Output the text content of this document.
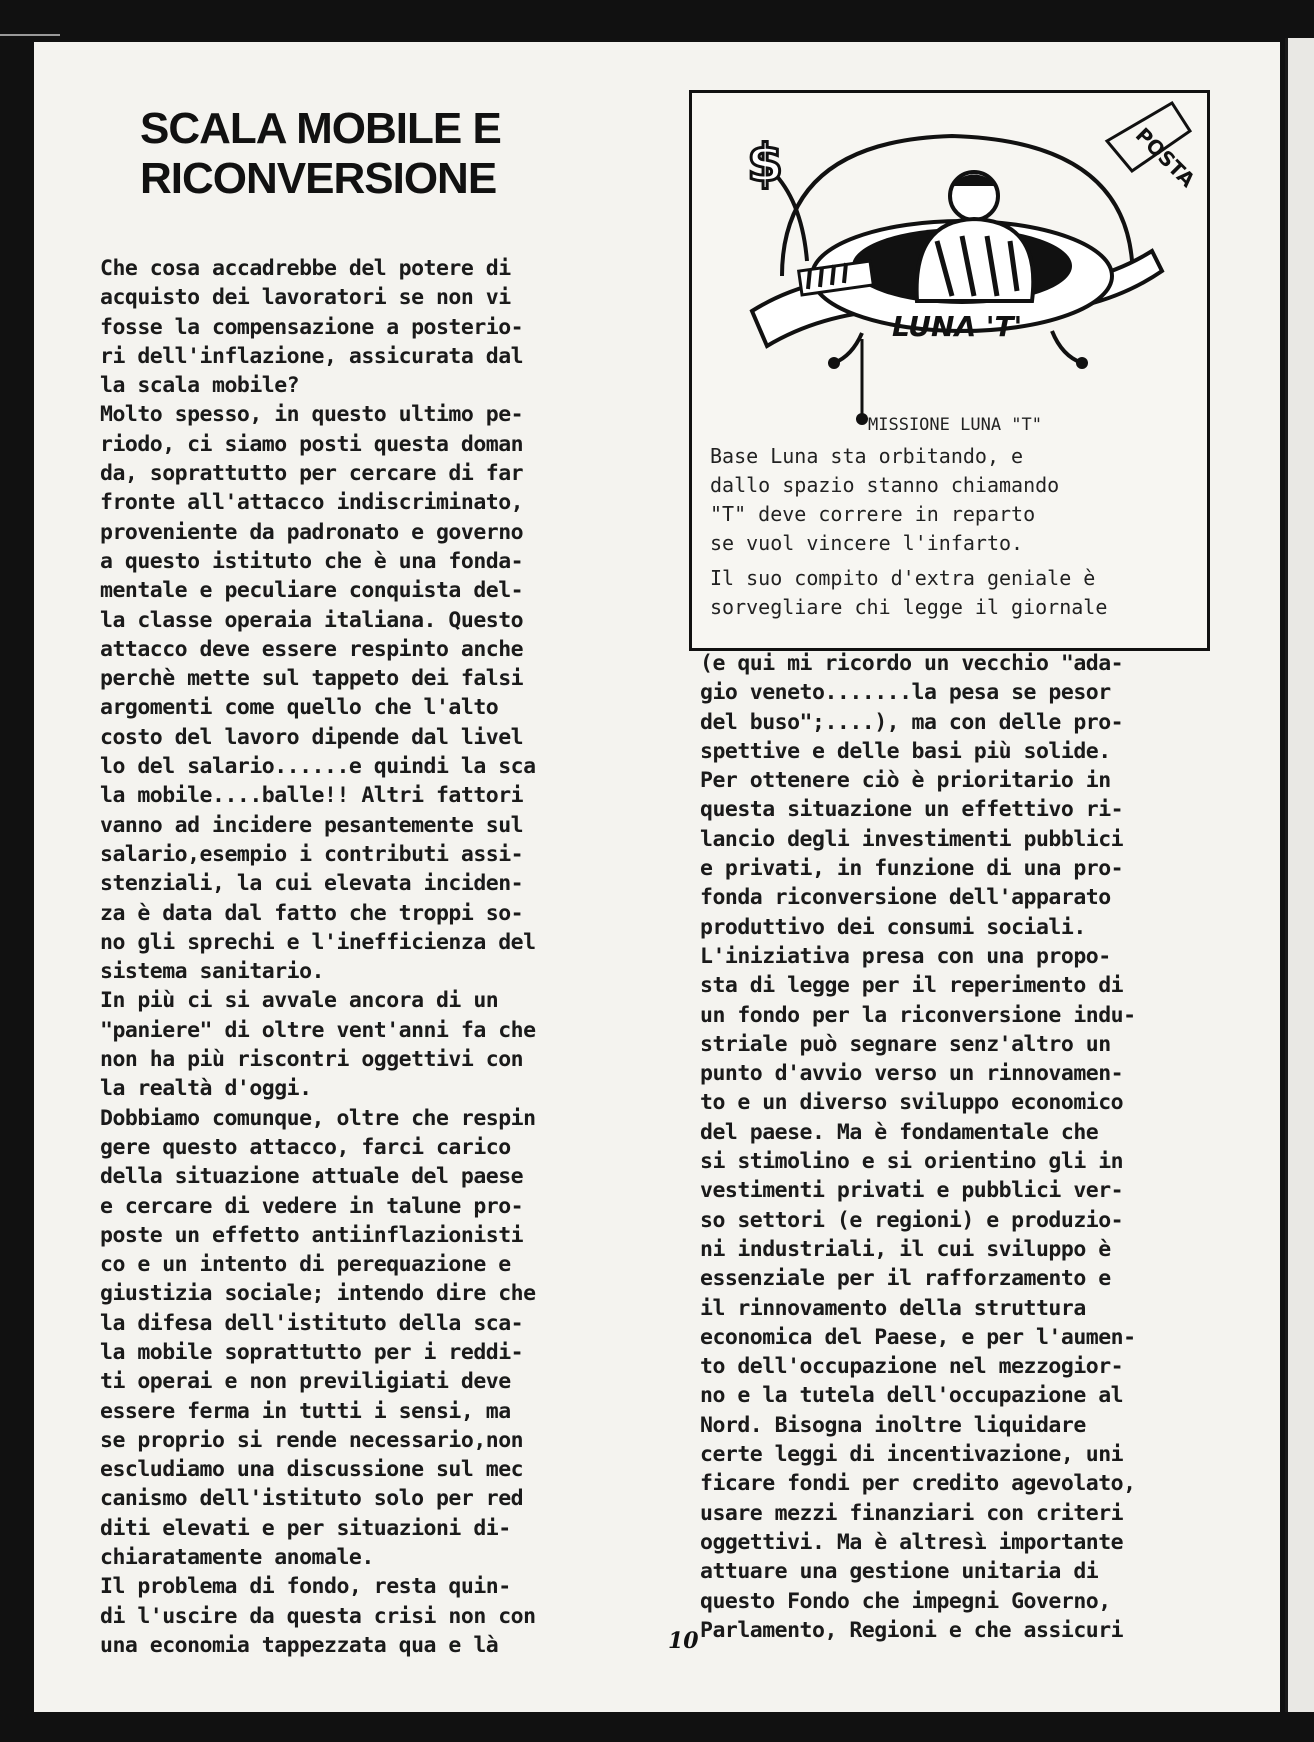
SCALA MOBILE E
RICONVERSIONE
Che cosa accadrebbe del potere di
acquisto dei lavoratori se non vi
fosse la compensazione a posterio-
ri dell'inflazione, assicurata dal
la scala mobile?
Molto spesso, in questo ultimo pe-
riodo, ci siamo posti questa doman
da, soprattutto per cercare di far
fronte all'attacco indiscriminato,
proveniente da padronato e governo
a questo istituto che è una fonda-
mentale e peculiare conquista del-
la classe operaia italiana. Questo
attacco deve essere respinto anche
perchè mette sul tappeto dei falsi
argomenti come quello che l'alto
costo del lavoro dipende dal livel
lo del salario......e quindi la sca
la mobile....balle!! Altri fattori
vanno ad incidere pesantemente sul
salario,esempio i contributi assi-
stenziali, la cui elevata inciden-
za è data dal fatto che troppi so-
no gli sprechi e l'inefficienza del
sistema sanitario.
In più ci si avvale ancora di un
"paniere" di oltre vent'anni fa che
non ha più riscontri oggettivi con
la realtà d'oggi.
Dobbiamo comunque, oltre che respin
gere questo attacco, farci carico
della situazione attuale del paese
e cercare di vedere in talune pro-
poste un effetto antiinflazionisti
co e un intento di perequazione e
giustizia sociale; intendo dire che
la difesa dell'istituto della sca-
la mobile soprattutto per i reddi-
ti operai e non previligiati deve
essere ferma in tutti i sensi, ma
se proprio si rende necessario,non
escludiamo una discussione sul mec
canismo dell'istituto solo per red
diti elevati e per situazioni di-
chiaratamente anomale.
Il problema di fondo, resta quin-
di l'uscire da questa crisi non con
una economia tappezzata qua e là
$
LUNA 'T'
POSTA
MISSIONE LUNA "T"
Base Luna sta orbitando, e
dallo spazio stanno chiamando
"T" deve correre in reparto
se vuol vincere l'infarto.
Il suo compito d'extra geniale è
sorvegliare chi legge il giornale
(e qui mi ricordo un vecchio "ada-
gio veneto.......la pesa se pesor
del buso";....), ma con delle pro-
spettive e delle basi più solide.
Per ottenere ciò è prioritario in
questa situazione un effettivo ri-
lancio degli investimenti pubblici
e privati, in funzione di una pro-
fonda riconversione dell'apparato
produttivo dei consumi sociali.
L'iniziativa presa con una propo-
sta di legge per il reperimento di
un fondo per la riconversione indu-
striale può segnare senz'altro un
punto d'avvio verso un rinnovamen-
to e un diverso sviluppo economico
del paese. Ma è fondamentale che
si stimolino e si orientino gli in
vestimenti privati e pubblici ver-
so settori (e regioni) e produzio-
ni industriali, il cui sviluppo è
essenziale per il rafforzamento e
il rinnovamento della struttura
economica del Paese, e per l'aumen-
to dell'occupazione nel mezzogior-
no e la tutela dell'occupazione al
Nord. Bisogna inoltre liquidare
certe leggi di incentivazione, uni
ficare fondi per credito agevolato,
usare mezzi finanziari con criteri
oggettivi. Ma è altresì importante
attuare una gestione unitaria di
questo Fondo che impegni Governo,
Parlamento, Regioni e che assicuri
10
